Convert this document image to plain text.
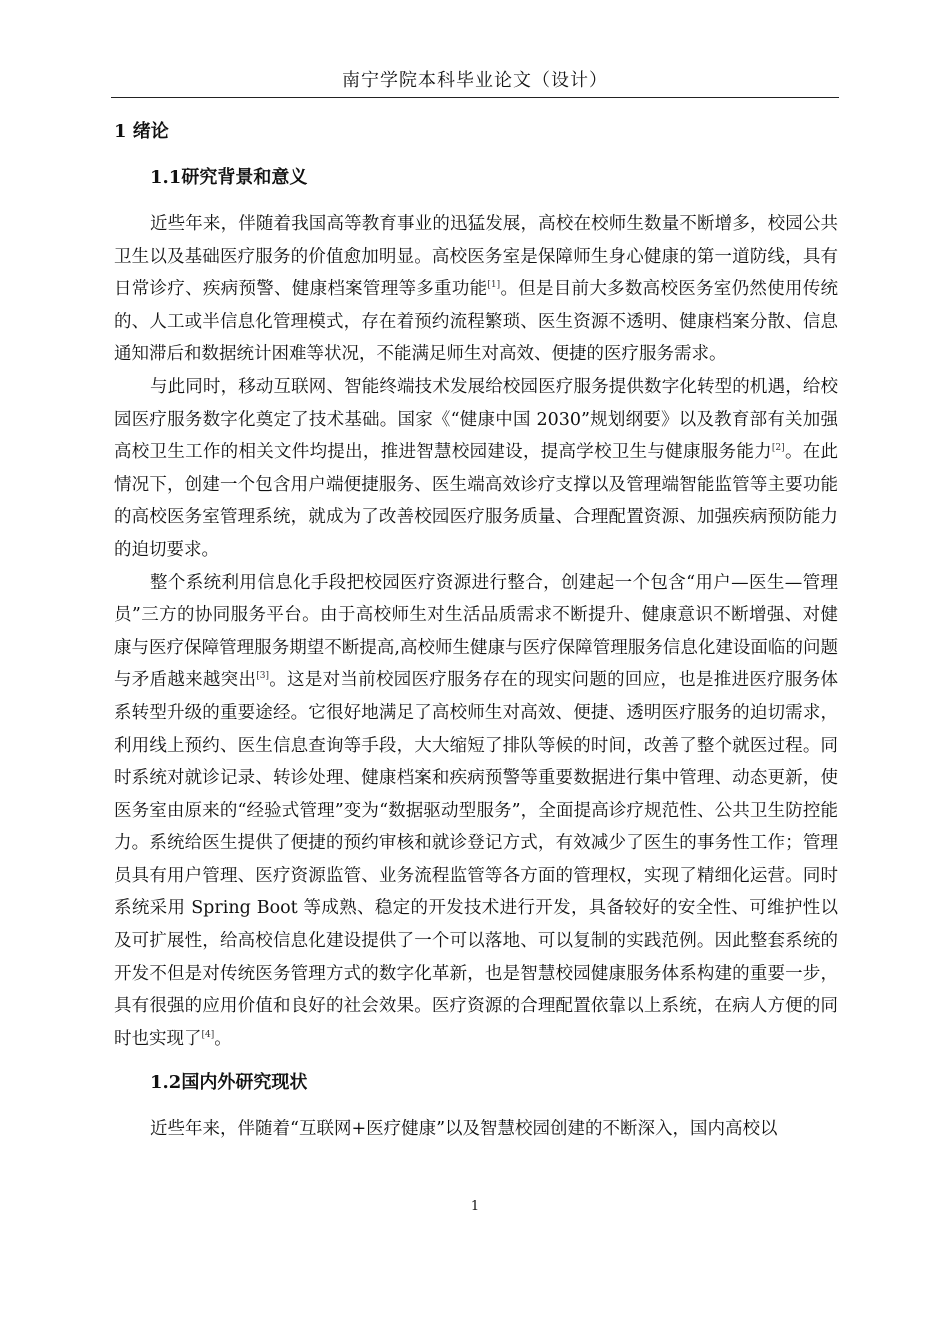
南宁学院本科毕业论文（设计）
1 绪论
1.1研究背景和意义

近些年来，伴随着我国高等教育事业的迅猛发展，高校在校师生数量不断增多，校园公共卫生以及基础医疗服务的价值愈加明显。高校医务室是保障师生身心健康的第一道防线，具有日常诊疗、疾病预警、健康档案管理等多重功能[1]。但是目前大多数高校医务室仍然使用传统的、人工或半信息化管理模式，存在着预约流程繁琐、医生资源不透明、健康档案分散、信息通知滞后和数据统计困难等状况，不能满足师生对高效、便捷的医疗服务需求。

与此同时，移动互联网、智能终端技术发展给校园医疗服务提供数字化转型的机遇，给校园医疗服务数字化奠定了技术基础。国家《“健康中国 2030”规划纲要》以及教育部有关加强高校卫生工作的相关文件均提出，推进智慧校园建设，提高学校卫生与健康服务能力[2]。在此情况下，创建一个包含用户端便捷服务、医生端高效诊疗支撑以及管理端智能监管等主要功能的高校医务室管理系统，就成为了改善校园医疗服务质量、合理配置资源、加强疾病预防能力的迫切要求。

整个系统利用信息化手段把校园医疗资源进行整合，创建起一个包含“用户—医生—管理员”三方的协同服务平台。由于高校师生对生活品质需求不断提升、健康意识不断增强、对健康与医疗保障管理服务期望不断提高,高校师生健康与医疗保障管理服务信息化建设面临的问题与矛盾越来越突出[3]。这是对当前校园医疗服务存在的现实问题的回应，也是推进医疗服务体系转型升级的重要途经。它很好地满足了高校师生对高效、便捷、透明医疗服务的迫切需求，利用线上预约、医生信息查询等手段，大大缩短了排队等候的时间，改善了整个就医过程。同时系统对就诊记录、转诊处理、健康档案和疾病预警等重要数据进行集中管理、动态更新，使医务室由原来的“经验式管理”变为“数据驱动型服务”，全面提高诊疗规范性、公共卫生防控能力。系统给医生提供了便捷的预约审核和就诊登记方式，有效减少了医生的事务性工作；管理员具有用户管理、医疗资源监管、业务流程监管等各方面的管理权，实现了精细化运营。同时系统采用 Spring Boot 等成熟、稳定的开发技术进行开发，具备较好的安全性、可维护性以及可扩展性，给高校信息化建设提供了一个可以落地、可以复制的实践范例。因此整套系统的开发不但是对传统医务管理方式的数字化革新，也是智慧校园健康服务体系构建的重要一步，具有很强的应用价值和良好的社会效果。医疗资源的合理配置依靠以上系统，在病人方便的同时也实现了[4]。

1.2国内外研究现状

近些年来，伴随着“互联网+医疗健康”以及智慧校园创建的不断深入，国内高校以

1
